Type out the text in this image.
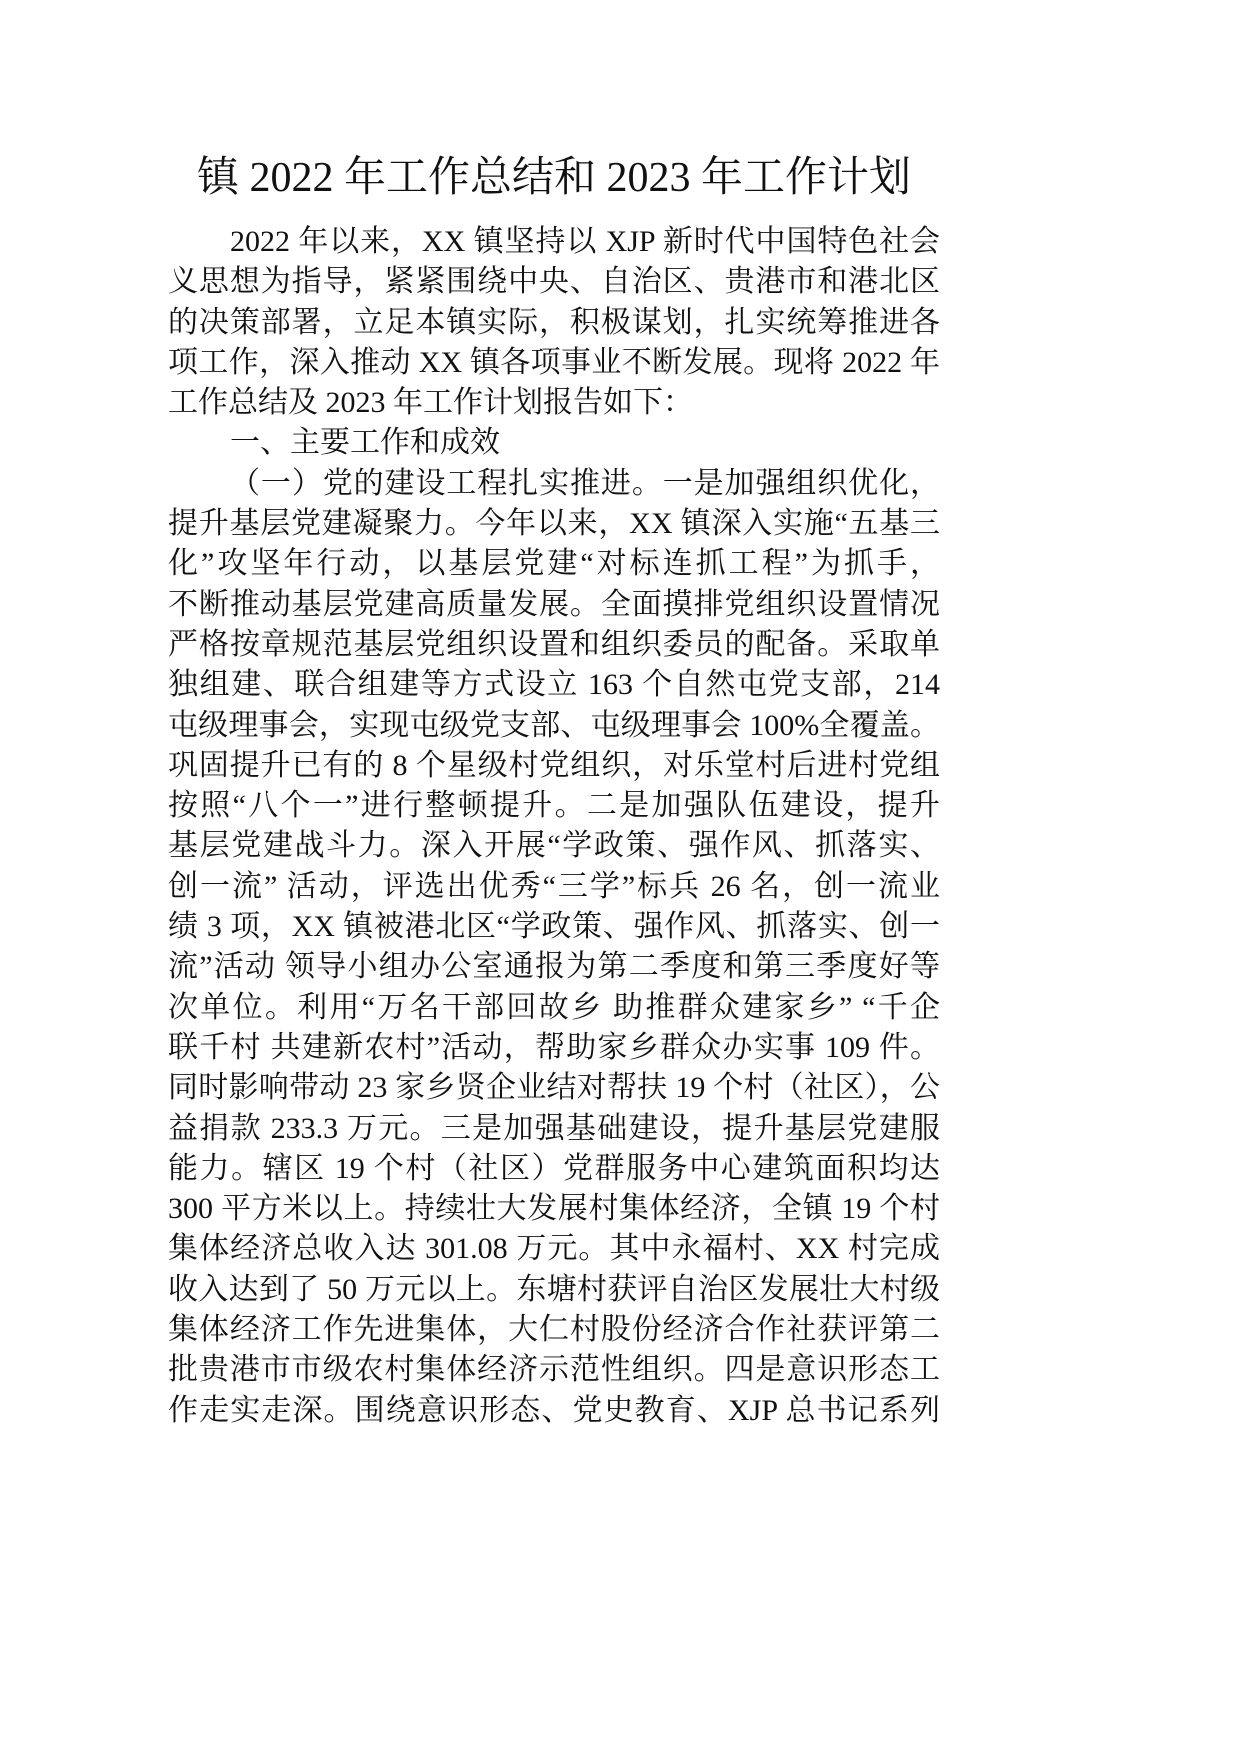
镇 2022 年工作总结和 2023 年工作计划
2022 年以来，XX 镇坚持以 XJP 新时代中国特色社会
义思想为指导，紧紧围绕中央、自治区、贵港市和港北区
的决策部署，立足本镇实际，积极谋划，扎实统筹推进各
项工作，深入推动 XX 镇各项事业不断发展。现将 2022 年
工作总结及 2023 年工作计划报告如下：
一、主要工作和成效
（一）党的建设工程扎实推进。一是加强组织优化，
提升基层党建凝聚力。今年以来，XX 镇深入实施“五基三
化”攻坚年行动，以基层党建“对标连抓工程”为抓手，
不断推动基层党建高质量发展。全面摸排党组织设置情况
严格按章规范基层党组织设置和组织委员的配备。采取单
独组建、联合组建等方式设立 163 个自然屯党支部，214
屯级理事会，实现屯级党支部、屯级理事会 100%全覆盖。
巩固提升已有的 8 个星级村党组织，对乐堂村后进村党组
按照“八个一”进行整顿提升。二是加强队伍建设，提升
基层党建战斗力。深入开展“学政策、强作风、抓落实、
创一流” 活动，评选出优秀“三学”标兵 26 名，创一流业
绩 3 项，XX 镇被港北区“学政策、强作风、抓落实、创一
流”活动 领导小组办公室通报为第二季度和第三季度好等
次单位。利用“万名干部回故乡 助推群众建家乡” “千企
联千村 共建新农村”活动，帮助家乡群众办实事 109 件。
同时影响带动 23 家乡贤企业结对帮扶 19 个村（社区），公
益捐款 233.3 万元。三是加强基础建设，提升基层党建服
能力。辖区 19 个村（社区）党群服务中心建筑面积均达
300 平方米以上。持续壮大发展村集体经济，全镇 19 个村
集体经济总收入达 301.08 万元。其中永福村、XX 村完成
收入达到了 50 万元以上。东塘村获评自治区发展壮大村级
集体经济工作先进集体，大仁村股份经济合作社获评第二
批贵港市市级农村集体经济示范性组织。四是意识形态工
作走实走深。围绕意识形态、党史教育、XJP 总书记系列
